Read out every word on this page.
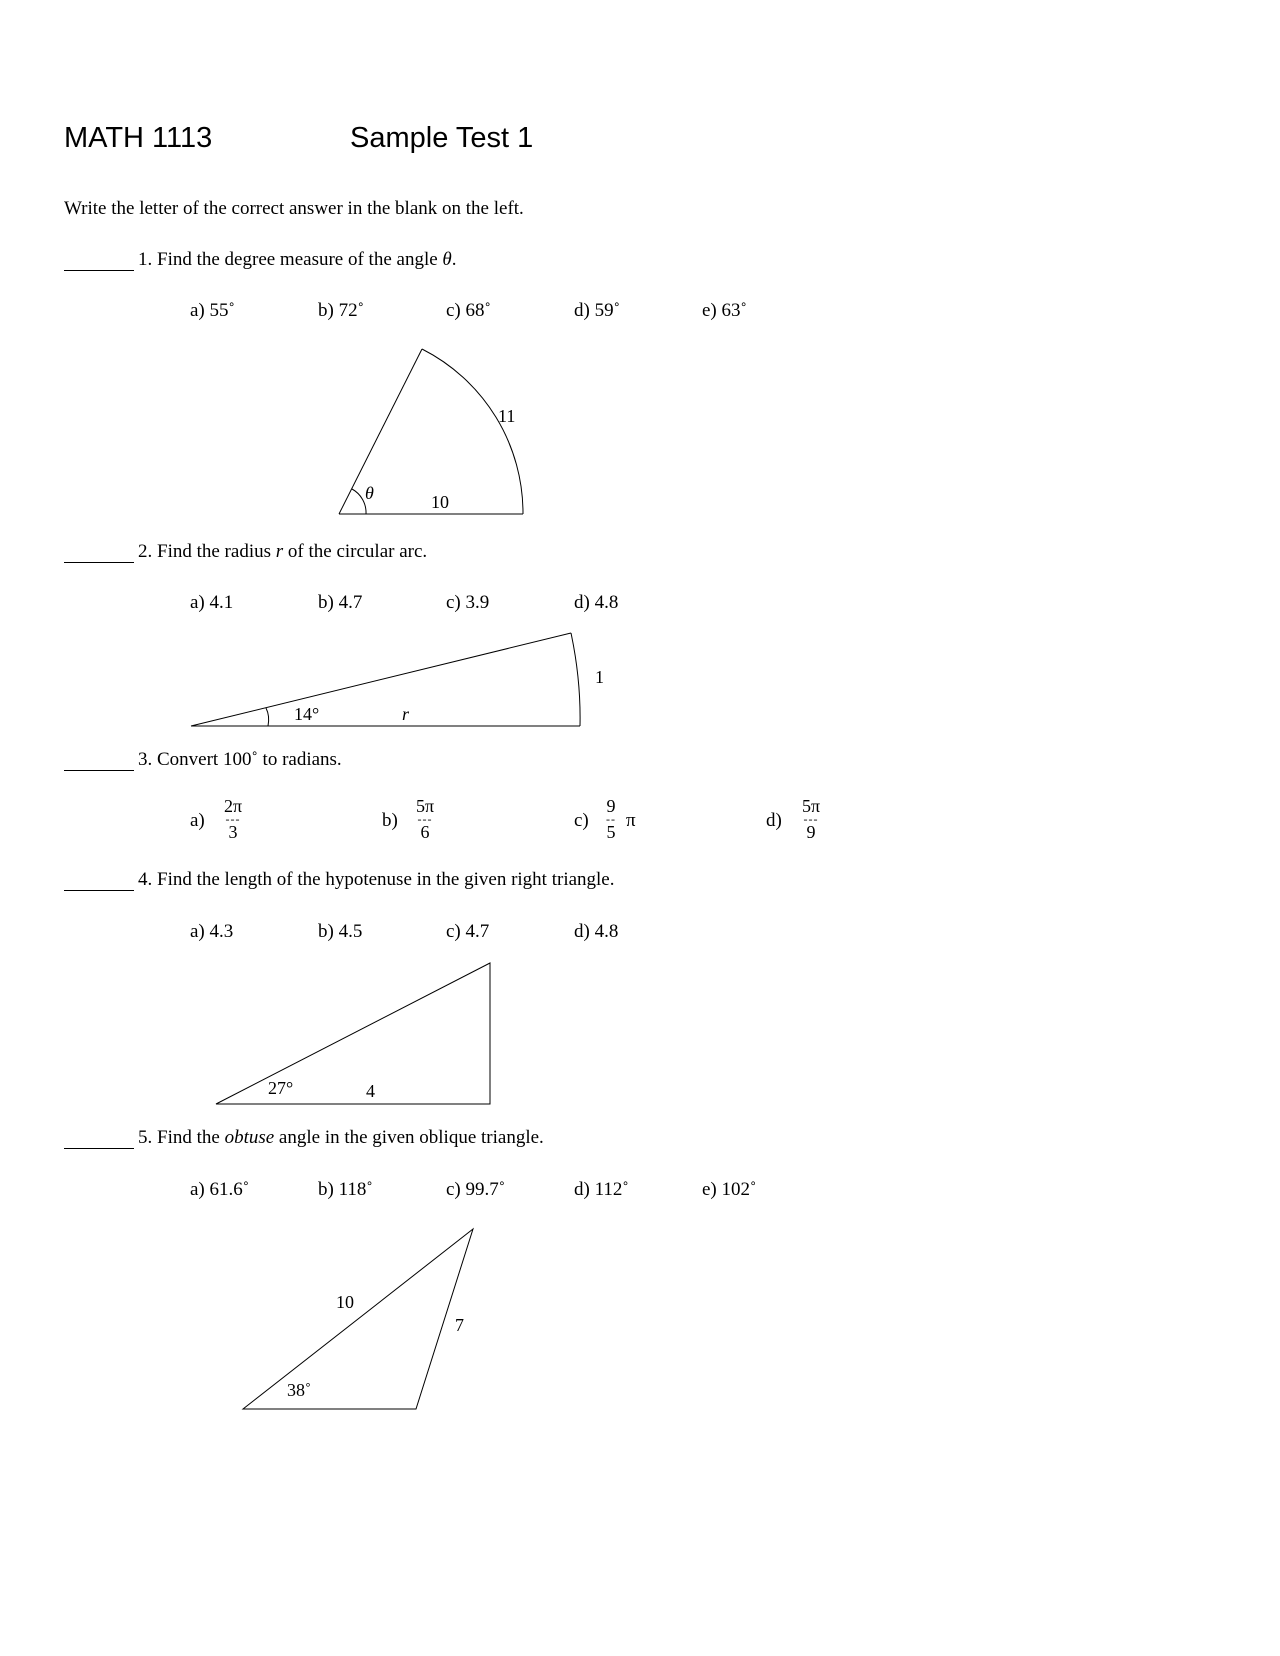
MATH 1113	Sample Test 1
Write the letter of the correct answer in the blank on the left.
1. Find the degree measure of the angle θ.
a) 55˚	b) 72˚	c) 68˚	d) 59˚	e) 63˚
2. Find the radius r of the circular arc.
a) 4.1	b) 4.7	c) 3.9	d) 4.8
3. Convert 100˚ to radians.
a)
2π
---
3
b)
5π
---
6
c)
9
--
5
π	d)
5π
---
9
4. Find the length of the hypotenuse in the given right triangle.
a) 4.3	b) 4.5	c) 4.7	d) 4.8
5. Find the obtuse angle in the given oblique triangle.
a) 61.6˚	b) 118˚	c) 99.7˚	d) 112˚	e) 102˚
θ
11
10
14°	r
1
27°	4
10
7
38˚
